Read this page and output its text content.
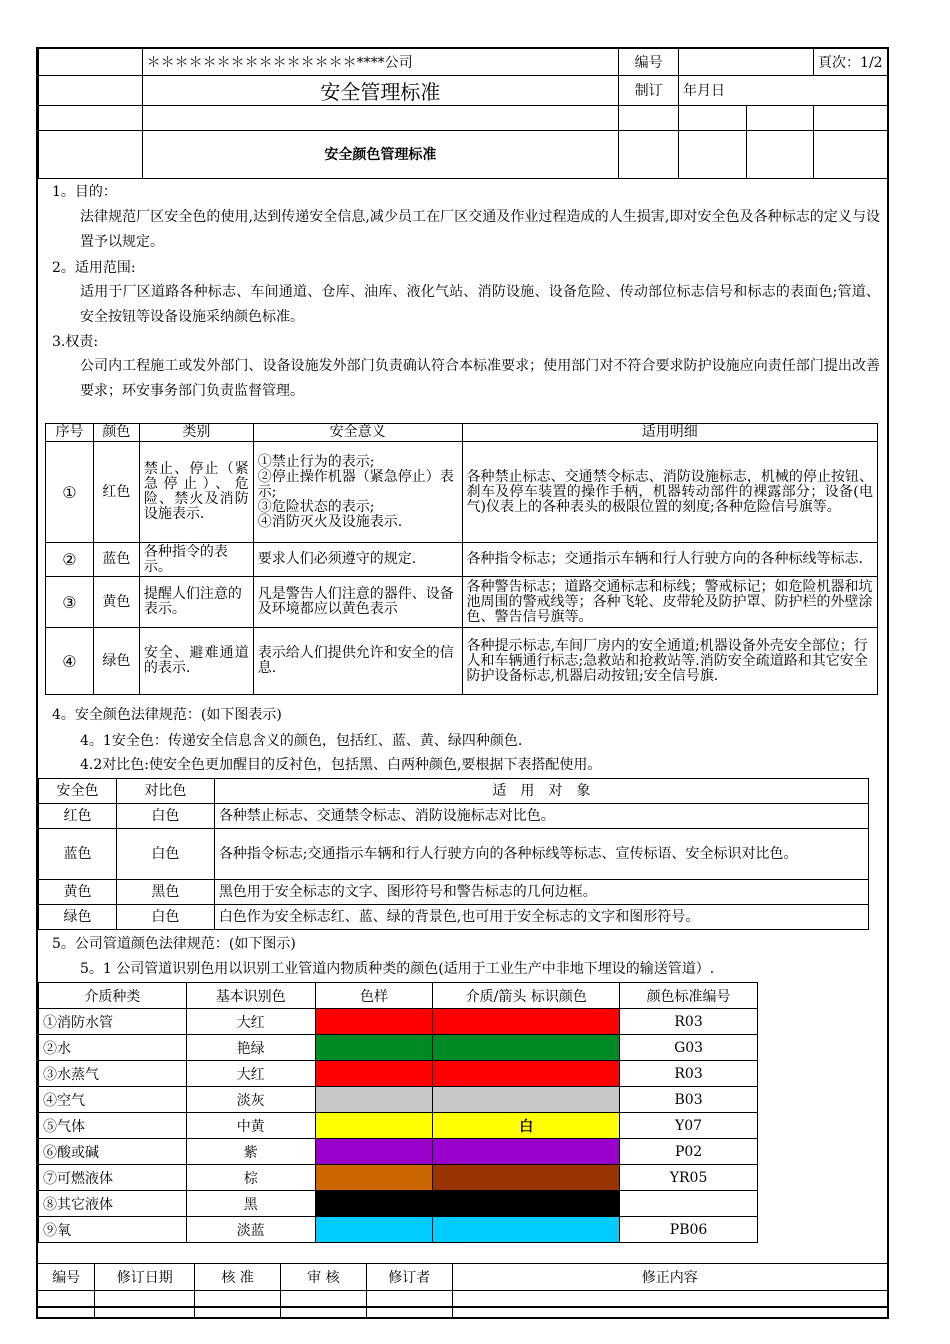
	＊＊＊＊＊＊＊＊＊＊＊＊＊＊＊****公司	编号			頁次：1/2
	安全管理标准	制订	年月日		

	安全颜色管理标准				
1。目的：
法律规范厂区安全色的使用,达到传递安全信息,减少员工在厂区交通及作业过程造成的人生损害,即对安全色及各种标志的定义与设置予以规定。
2。适用范围:
适用于厂区道路各种标志、车间通道、仓库、油库、液化气站、消防设施、设备危险、传动部位标志信号和标志的表面色;管道、安全按钮等设备设施采纳颜色标准。
3.权责:
公司内工程施工或发外部门、设备设施发外部门负责确认符合本标准要求；使用部门对不符合要求防护设施应向责任部门提出改善要求；环安事务部门负责监督管理。
序号	颜色	类别	安全意义	适用明细
①	红色	禁止、停止（紧急停止）、危险、禁火及消防设施表示.	①禁止行为的表示;
②停止操作机器（紧急停止）表示;
③危险状态的表示;
④消防灭火及设施表示.	各种禁止标志、交通禁令标志、消防设施标志，机械的停止按钮、刹车及停车装置的操作手柄，机器转动部件的裸露部分；设备(电气)仪表上的各种表头的极限位置的刻度;各种危险信号旗等。
②	蓝色	各种指令的表示。	要求人们必须遵守的规定.	各种指令标志；交通指示车辆和行人行驶方向的各种标线等标志.
③	黄色	提醒人们注意的表示。	凡是警告人们注意的器件、设备及环境都应以黄色表示	各种警告标志；道路交通标志和标线；警戒标记；如危险机器和坑池周围的警戒线等；各种飞轮、皮带轮及防护罩、防护栏的外壁涂色、警告信号旗等。
④	绿色	安全、避难通道的表示.	表示给人们提供允许和安全的信息.	各种提示标志,车间厂房内的安全通道;机器设备外壳安全部位；行人和车辆通行标志;急救站和抢救站等.消防安全疏道路和其它安全防护设备标志,机器启动按钮;安全信号旗.
4。安全颜色法律规范：(如下图表示)
4。1安全色：传递安全信息含义的颜色，包括红、蓝、黄、绿四种颜色.
4.2对比色:使安全色更加醒目的反衬色，包括黑、白两种颜色,要根据下表搭配使用。
安全色	对比色	适　用　对　象
红色	白色	各种禁止标志、交通禁令标志、消防设施标志对比色。
蓝色	白色	各种指令标志;交通指示车辆和行人行驶方向的各种标线等标志、宣传标语、安全标识对比色。
黄色	黑色	黑色用于安全标志的文字、图形符号和警告标志的几何边框。
绿色	白色	白色作为安全标志红、蓝、绿的背景色,也可用于安全标志的文字和图形符号。
5。公司管道颜色法律规范：(如下图示)
5。1 公司管道识别色用以识别工业管道内物质种类的颜色(适用于工业生产中非地下埋设的输送管道）.
介质种类	基本识别色	色样	介质/箭头 标识颜色	颜色标准编号
①消防水管	大红			R03
②水	艳绿			G03
③水蒸气	大红			R03
④空气	淡灰			B03
⑤气体	中黄		白	Y07
⑥酸或碱	紫			P02
⑦可燃液体	棕			YR05
⑧其它液体	黑			
⑨氧	淡蓝			PB06
编号	修订日期	核 准	审 核	修订者	修正内容
